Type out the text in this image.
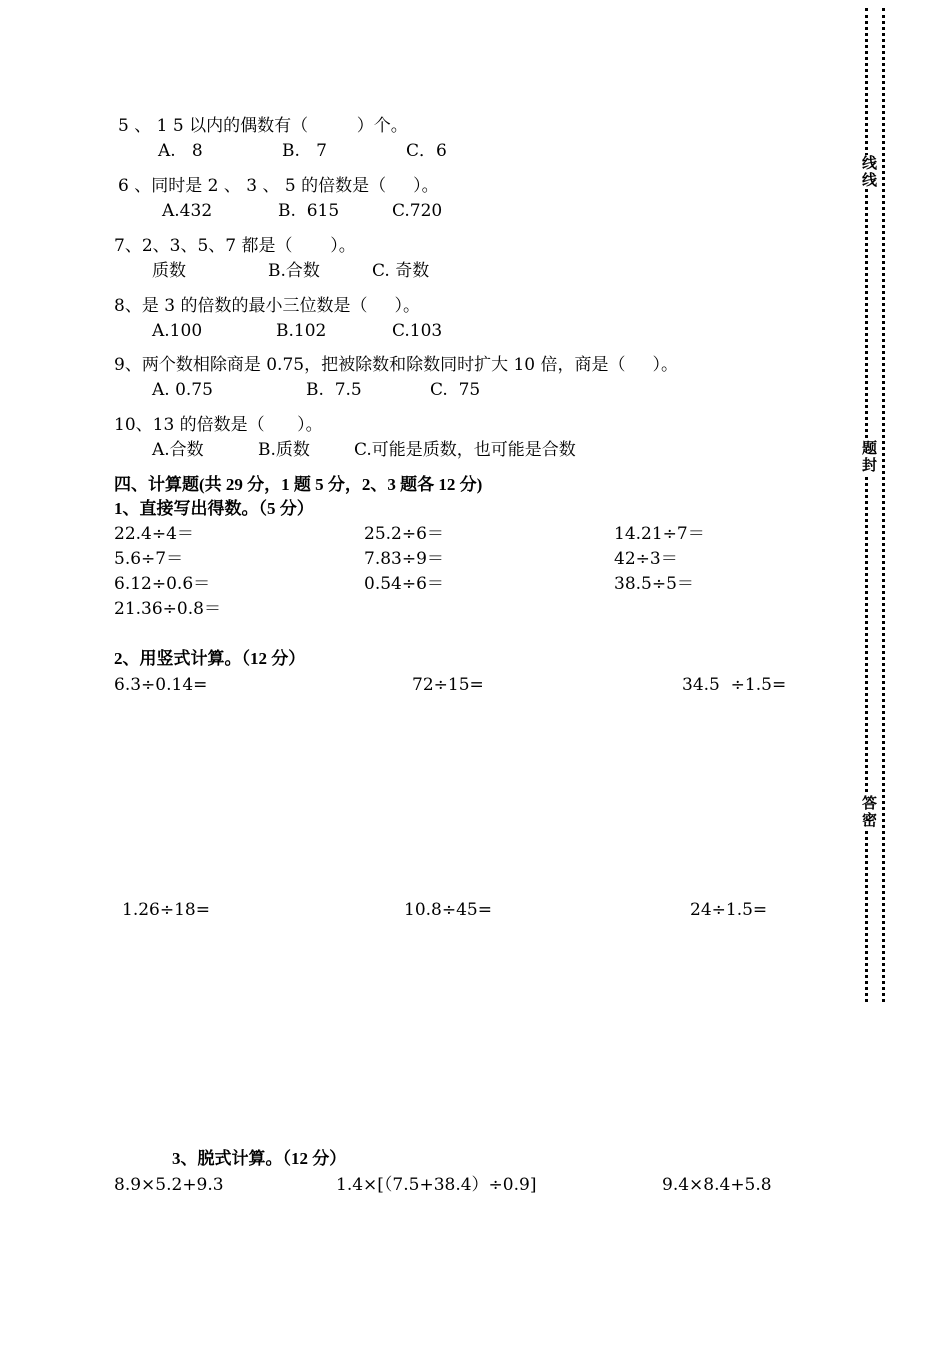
5 、 1 5 以内的偶数有（         ）个。
A.   8	B.   7	C．6
6 、同时是 2 、 3 、 5 的倍数是（     ）。
A.432	B.  615	C.720
7、2、3、5、7 都是（       ）。
质数	B.合数	C. 奇数
8、是 3 的倍数的最小三位数是（     ）。
A.100	B.102	C.103
9、两个数相除商是 0.75，把被除数和除数同时扩大 10 倍，商是（     ）。
A. 0.75	B.  7.5	C.  75
10、13 的倍数是（      ）。
A.合数	B.质数	C.可能是质数，也可能是合数
四、计算题(共 29 分，1 题 5 分，2、3 题各 12 分)
1、直接写出得数。（5 分）
22.4÷4＝	25.2÷6＝	14.21÷7＝
5.6÷7＝	7.83÷9＝	42÷3＝
6.12÷0.6＝	0.54÷6＝	38.5÷5＝
21.36÷0.8＝
2、用竖式计算。（12 分）
6.3÷0.14=	72÷15=	34.5  ÷1.5=
1.26÷18=	10.8÷45=	24÷1.5=
3、脱式计算。（12 分）
8.9×5.2+9.3	1.4×[（7.5+38.4）÷0.9]	9.4×8.4+5.8
线线
题封
答密
